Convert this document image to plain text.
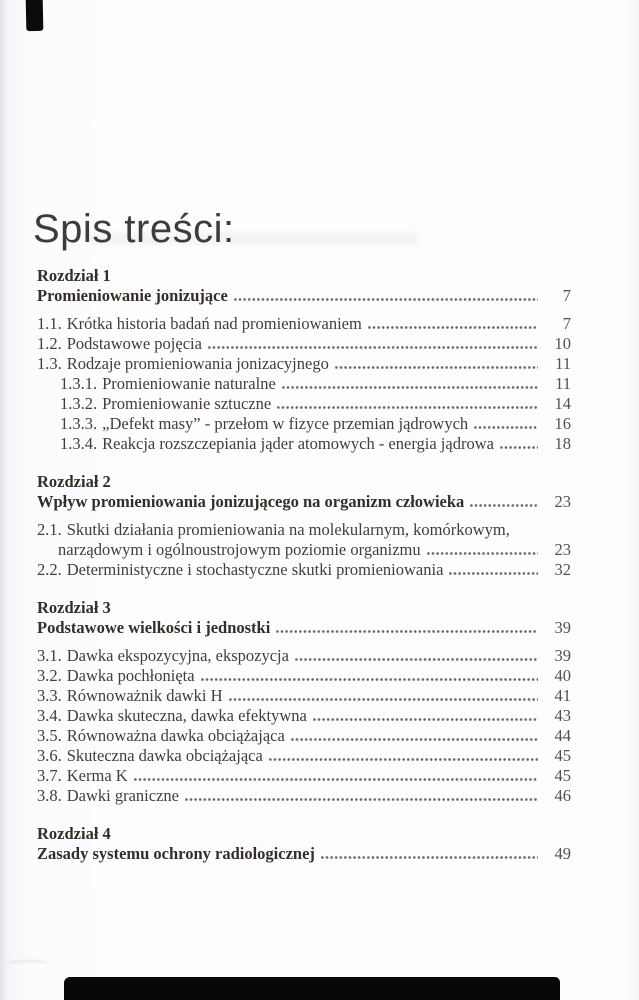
Spis treści:
Rozdział 1
Promieniowanie jonizujące	7
1.1. Krótka historia badań nad promieniowaniem	7
1.2. Podstawowe pojęcia	10
1.3. Rodzaje promieniowania jonizacyjnego	11
1.3.1. Promieniowanie naturalne	11
1.3.2. Promieniowanie sztuczne	14
1.3.3. „Defekt masy” - przełom w fizyce przemian jądrowych	16
1.3.4. Reakcja rozszczepiania jąder atomowych - energia jądrowa	18
Rozdział 2
Wpływ promieniowania jonizującego na organizm człowieka	23
2.1. Skutki działania promieniowania na molekularnym, komórkowym,
narządowym i ogólnoustrojowym poziomie organizmu	23
2.2. Deterministyczne i stochastyczne skutki promieniowania	32
Rozdział 3
Podstawowe wielkości i jednostki	39
3.1. Dawka ekspozycyjna, ekspozycja	39
3.2. Dawka pochłonięta	40
3.3. Równoważnik dawki H	41
3.4. Dawka skuteczna, dawka efektywna	43
3.5. Równoważna dawka obciążająca	44
3.6. Skuteczna dawka obciążająca	45
3.7. Kerma K	45
3.8. Dawki graniczne	46
Rozdział 4
Zasady systemu ochrony radiologicznej	49
